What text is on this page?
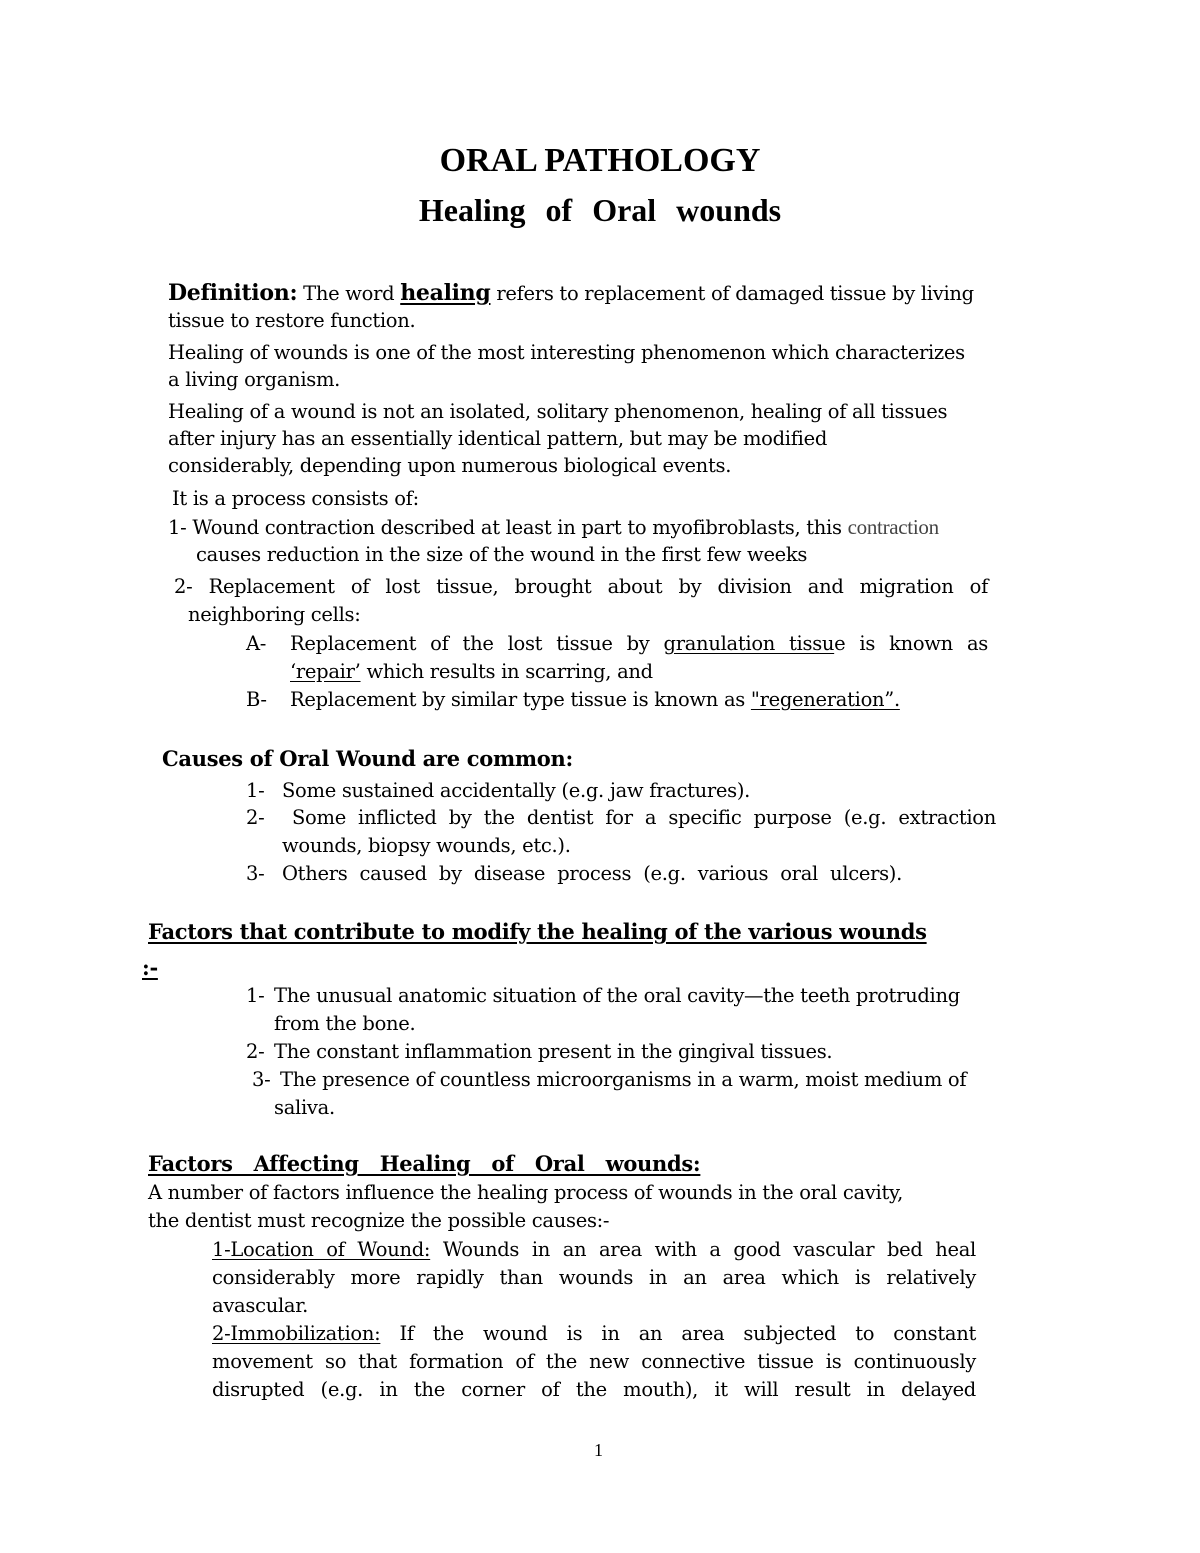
ORAL PATHOLOGY
Healing of Oral wounds
Definition: The word healing refers to replacement of damaged tissue by living
tissue to restore function.
Healing of wounds is one of the most interesting phenomenon which characterizes
a living organism.
Healing of a wound is not an isolated, solitary phenomenon, healing of all tissues
after injury has an essentially identical pattern, but may be modified
considerably, depending upon numerous biological events.
It is a process consists of:
1- Wound contraction described at least in part to myofibroblasts, this contraction
causes reduction in the size of the wound in the first few weeks
2- Replacement of lost tissue, brought about by division and migration of
neighboring cells:
A- Replacement of the lost tissue by granulation tissue is known as
‘repair’ which results in scarring, and
B- Replacement by similar type tissue is known as "regeneration”.
Causes of Oral Wound are common:
1- Some sustained accidentally (e.g. jaw fractures).
2- Some inflicted by the dentist for a specific purpose (e.g. extraction
wounds, biopsy wounds, etc.).
3- Others caused by disease process (e.g. various oral ulcers).
Factors that contribute to modify the healing of the various wounds
:-
1- The unusual anatomic situation of the oral cavity—the teeth protruding
from the bone.
2- The constant inflammation present in the gingival tissues.
3- The presence of countless microorganisms in a warm, moist medium of
saliva.
Factors Affecting Healing of Oral wounds:
A number of factors influence the healing process of wounds in the oral cavity,
the dentist must recognize the possible causes:-
1-Location of Wound: Wounds in an area with a good vascular bed heal
considerably more rapidly than wounds in an area which is relatively
avascular.
2-Immobilization: If the wound is in an area subjected to constant
movement so that formation of the new connective tissue is continuously
disrupted (e.g. in the corner of the mouth), it will result in delayed
1
